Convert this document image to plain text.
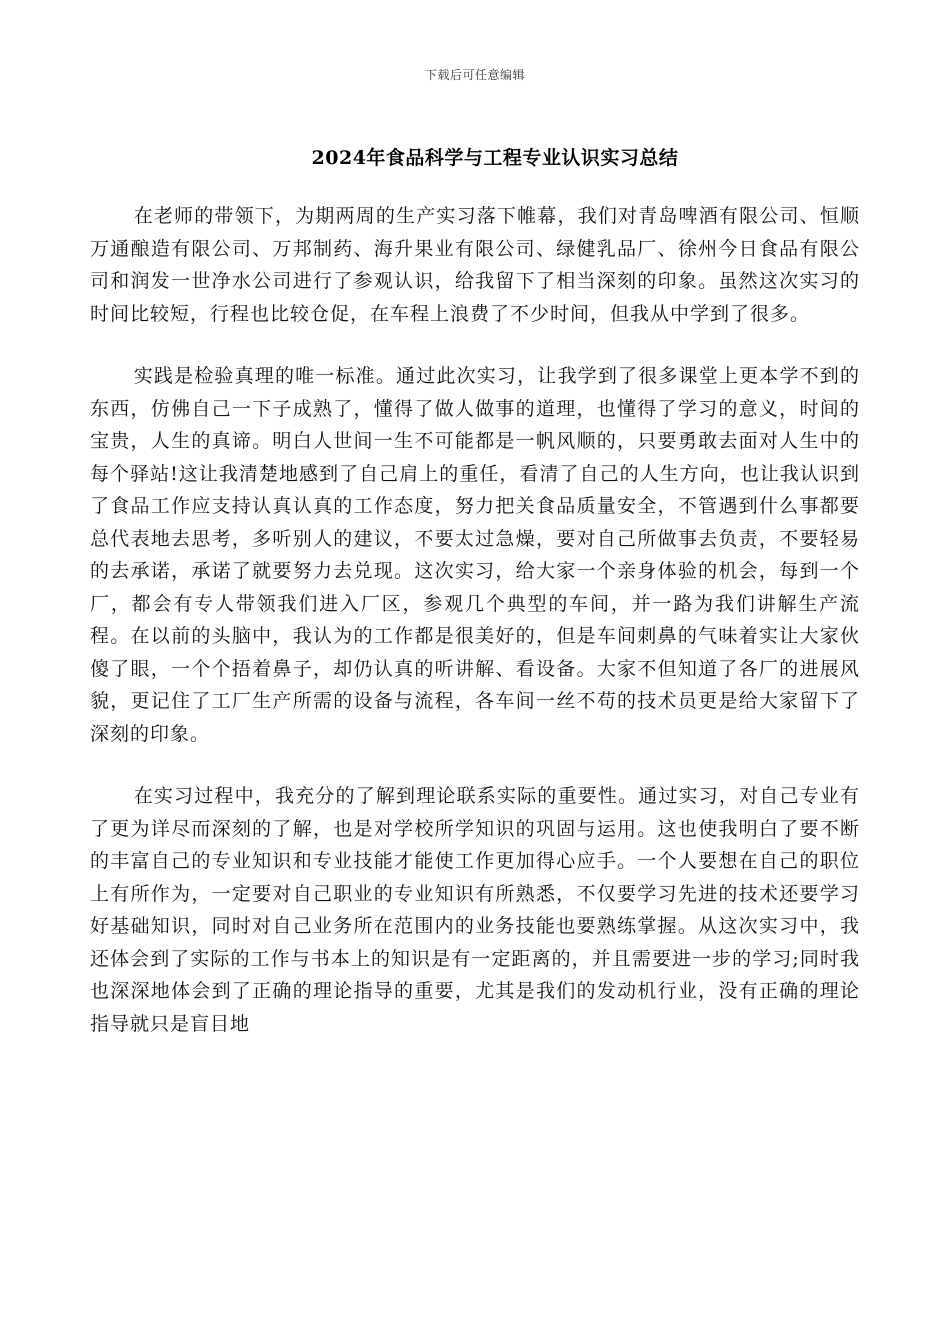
下载后可任意编辑
2024年食品科学与工程专业认识实习总结

在老师的带领下，为期两周的生产实习落下帷幕，我们对青岛啤酒有限公司、恒顺万通酿造有限公司、万邦制药、海升果业有限公司、绿健乳品厂、徐州今日食品有限公司和润发一世净水公司进行了参观认识，给我留下了相当深刻的印象。虽然这次实习的时间比较短，行程也比较仓促，在车程上浪费了不少时间，但我从中学到了很多。

实践是检验真理的唯一标准。通过此次实习，让我学到了很多课堂上更本学不到的东西，仿佛自己一下子成熟了，懂得了做人做事的道理，也懂得了学习的意义，时间的宝贵，人生的真谛。明白人世间一生不可能都是一帆风顺的，只要勇敢去面对人生中的每个驿站!这让我清楚地感到了自己肩上的重任，看清了自己的人生方向，也让我认识到了食品工作应支持认真认真的工作态度，努力把关食品质量安全，不管遇到什么事都要总代表地去思考，多听别人的建议，不要太过急燥，要对自己所做事去负责，不要轻易的去承诺，承诺了就要努力去兑现。这次实习，给大家一个亲身体验的机会，每到一个厂，都会有专人带领我们进入厂区，参观几个典型的车间，并一路为我们讲解生产流程。在以前的头脑中，我认为的工作都是很美好的，但是车间刺鼻的气味着实让大家伙傻了眼，一个个捂着鼻子，却仍认真的听讲解、看设备。大家不但知道了各厂的进展风貌，更记住了工厂生产所需的设备与流程，各车间一丝不苟的技术员更是给大家留下了深刻的印象。

在实习过程中，我充分的了解到理论联系实际的重要性。通过实习，对自己专业有了更为详尽而深刻的了解，也是对学校所学知识的巩固与运用。这也使我明白了要不断的丰富自己的专业知识和专业技能才能使工作更加得心应手。一个人要想在自己的职位上有所作为，一定要对自己职业的专业知识有所熟悉，不仅要学习先进的技术还要学习好基础知识，同时对自己业务所在范围内的业务技能也要熟练掌握。从这次实习中，我还体会到了实际的工作与书本上的知识是有一定距离的，并且需要进一步的学习;同时我也深深地体会到了正确的理论指导的重要，尤其是我们的发动机行业，没有正确的理论指导就只是盲目地
